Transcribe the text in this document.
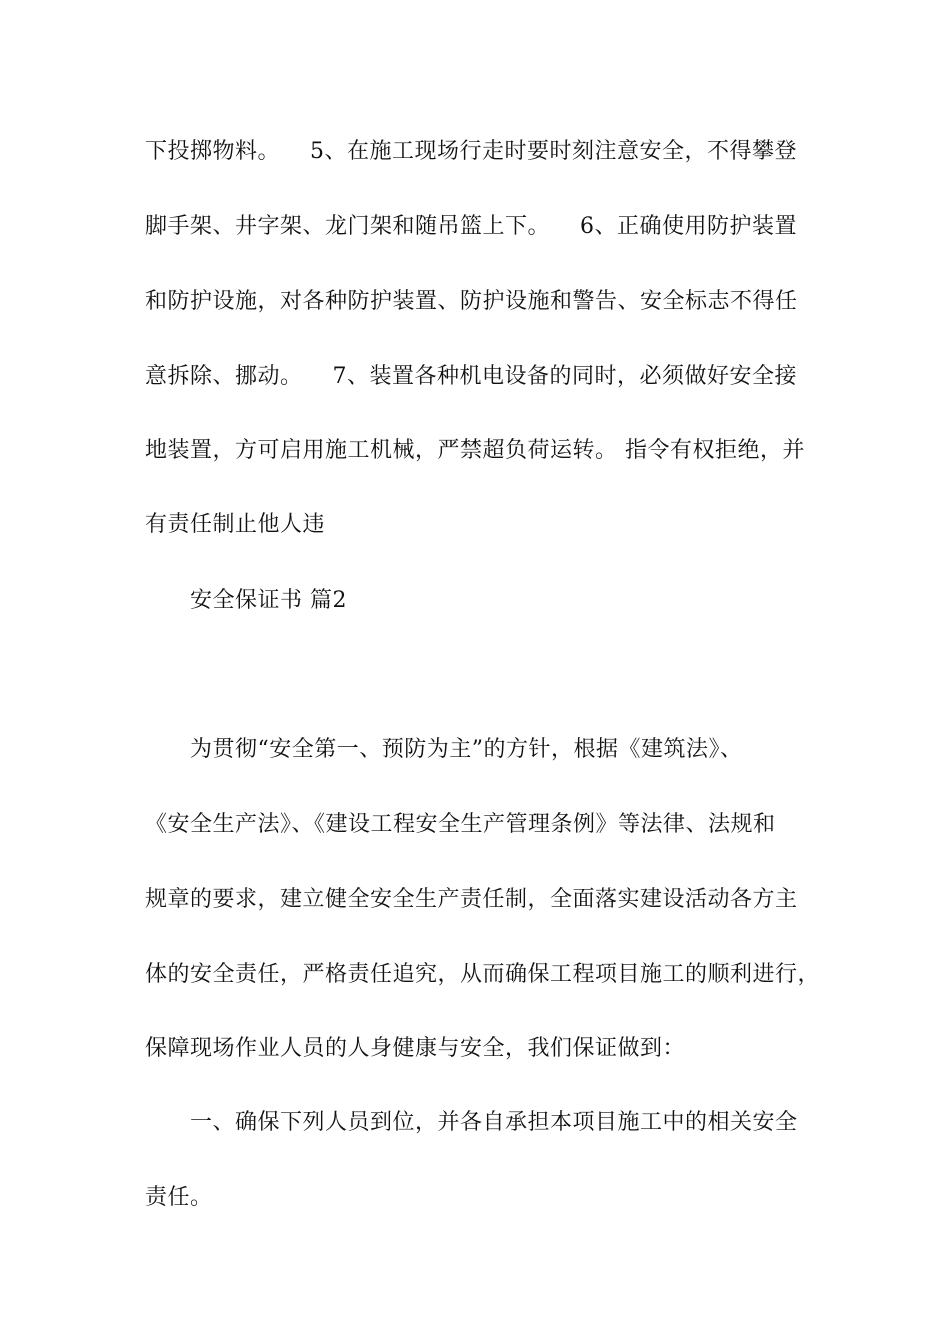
下投掷物料。    5、在施工现场行走时要时刻注意安全，不得攀登
脚手架、井字架、龙门架和随吊篮上下。    6、正确使用防护装置
和防护设施，对各种防护装置、防护设施和警告、安全标志不得任
意拆除、挪动。    7、装置各种机电设备的同时，必须做好安全接
地装置，方可启用施工机械，严禁超负荷运转。 指令有权拒绝，并
有责任制止他人违
安全保证书 篇2
为贯彻“安全第一、预防为主”的方针，根据《建筑法》、
《安全生产法》、《建设工程安全生产管理条例》等法律、法规和
规章的要求，建立健全安全生产责任制，全面落实建设活动各方主
体的安全责任，严格责任追究，从而确保工程项目施工的顺利进行，
保障现场作业人员的人身健康与安全，我们保证做到：
一、确保下列人员到位，并各自承担本项目施工中的相关安全
责任。
